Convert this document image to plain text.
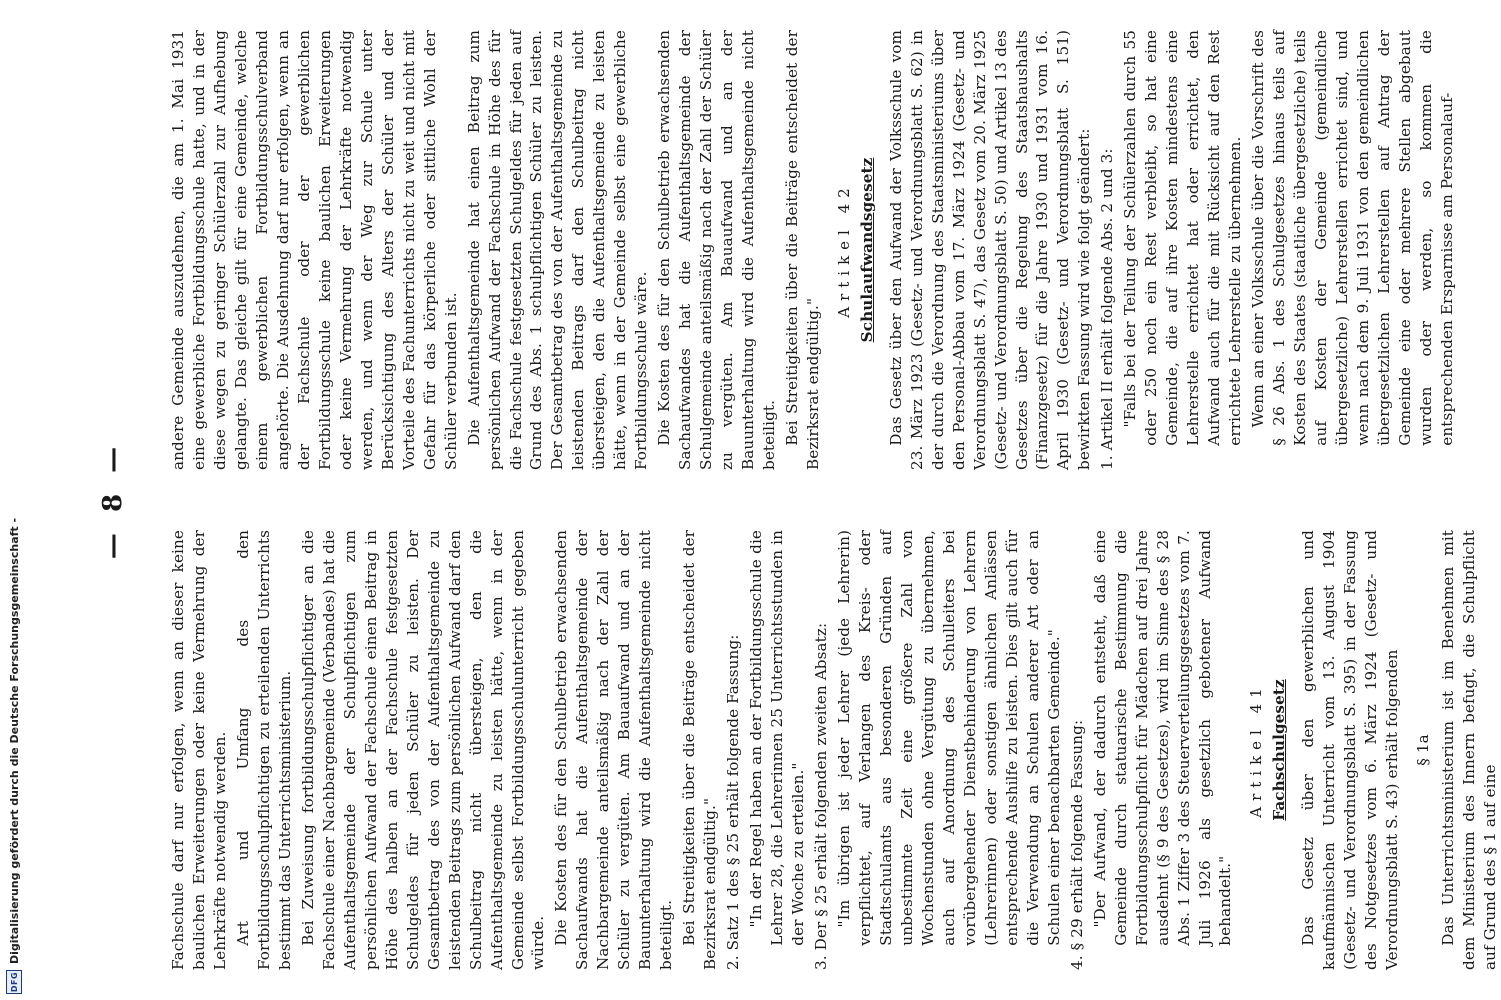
DFG
Digitalisierung gefördert durch die Deutsche Forschungsgemeinschaft -
— 8 —

Fachschule darf nur erfolgen, wenn an dieser keine baulichen Erweiterungen oder keine Vermehrung der Lehrkräfte notwendig werden. Art und Umfang des den Fortbildungsschulpflichtigen zu erteilenden Unterrichts bestimmt das Unterrichtsministerium. Bei Zuweisung fortbildungsschulpflichtiger an die Fachschule einer Nachbargemeinde (Verbandes) hat die Aufenthaltsgemeinde der Schulpflichtigen zum persönlichen Aufwand der Fachschule einen Beitrag in Höhe des halben an der Fachschule festgesetzten Schulgeldes für jeden Schüler zu leisten. Der Gesamtbetrag des von der Aufenthaltsgemeinde zu leistenden Beitrags zum persönlichen Aufwand darf den Schulbeitrag nicht übersteigen, den die Aufenthaltsgemeinde zu leisten hätte, wenn in der Gemeinde selbst Fortbildungsschulunterricht gegeben würde. Die Kosten des für den Schulbetrieb erwachsenden Sachaufwands hat die Aufenthaltsgemeinde der Nachbargemeinde anteilsmäßig nach der Zahl der Schüler zu vergüten. Am Bauaufwand und an der Bauunterhaltung wird die Aufenthaltsgemeinde nicht beteiligt. Bei Streitigkeiten über die Beiträge entscheidet der Bezirksrat endgültig." 2. Satz 1 des § 25 erhält folgende Fassung: "In der Regel haben an der Fortbildungsschule die Lehrer 28, die Lehrerinnen 25 Unterrichtsstunden in der Woche zu erteilen." 3. Der § 25 erhält folgenden zweiten Absatz: "Im übrigen ist jeder Lehrer (jede Lehrerin) verpflichtet, auf Verlangen des Kreis- oder Stadtschulamts aus besonderen Gründen auf unbestimmte Zeit eine größere Zahl von Wochenstunden ohne Vergütung zu übernehmen, auch auf Anordnung des Schulleiters bei vorübergehender Dienstbehinderung von Lehrern (Lehrerinnen) oder sonstigen ähnlichen Anlässen entsprechende Aushilfe zu leisten. Dies gilt auch für die Verwendung an Schulen anderer Art oder an Schulen einer benachbarten Gemeinde." 4. § 29 erhält folgende Fassung: "Der Aufwand, der dadurch entsteht, daß eine Gemeinde durch statuarische Bestimmung die Fortbildungsschulpflicht für Mädchen auf drei Jahre ausdehnt (§ 9 des Gesetzes), wird im Sinne des § 28 Abs. 1 Ziffer 3 des Steuerverteilungsgesetzes vom 7. Juli 1926 als gesetzlich gebotener Aufwand behandelt."

Artikel 41 Fachschulgesetz Das Gesetz über den gewerblichen und kaufmännischen Unterricht vom 13. August 1904 (Gesetz- und Verordnungsblatt S. 395) in der Fassung des Notgesetzes vom 6. März 1924 (Gesetz- und Verordnungsblatt S. 43) erhält folgenden § 1a Das Unterrichtsministerium ist im Benehmen mit dem Ministerium des Innern befugt, die Schulpflicht auf Grund des § 1 auf eine

andere Gemeinde auszudehnen, die am 1. Mai 1931 eine gewerbliche Fortbildungsschule hatte, und in der diese wegen zu geringer Schülerzahl zur Aufhebung gelangte. Das gleiche gilt für eine Gemeinde, welche einem gewerblichen Fortbildungsschulverband angehörte. Die Ausdehnung darf nur erfolgen, wenn an der Fachschule oder der gewerblichen Fortbildungsschule keine baulichen Erweiterungen oder keine Vermehrung der Lehrkräfte notwendig werden, und wenn der Weg zur Schule unter Berücksichtigung des Alters der Schüler und der Vorteile des Fachunterrichts nicht zu weit und nicht mit Gefahr für das körperliche oder sittliche Wohl der Schüler verbunden ist. Die Aufenthaltsgemeinde hat einen Beitrag zum persönlichen Aufwand der Fachschule in Höhe des für die Fachschule festgesetzten Schulgeldes für jeden auf Grund des Abs. 1 schulpflichtigen Schüler zu leisten. Der Gesamtbetrag des von der Aufenthaltsgemeinde zu leistenden Beitrags darf den Schulbeitrag nicht übersteigen, den die Aufenthaltsgemeinde zu leisten hätte, wenn in der Gemeinde selbst eine gewerbliche Fortbildungsschule wäre. Die Kosten des für den Schulbetrieb erwachsenden Sachaufwandes hat die Aufenthaltsgemeinde der Schulgemeinde anteilsmäßig nach der Zahl der Schüler zu vergüten. Am Bauaufwand und an der Bauunterhaltung wird die Aufenthaltsgemeinde nicht beteiligt. Bei Streitigkeiten über die Beiträge entscheidet der Bezirksrat endgültig."

Artikel 42 Schulaufwandsgesetz Das Gesetz über den Aufwand der Volksschule vom 23. März 1923 (Gesetz- und Verordnungsblatt S. 62) in der durch die Verordnung des Staatsministeriums über den Personal-Abbau vom 17. März 1924 (Gesetz- und Verordnungsblatt S. 47), das Gesetz vom 20. März 1925 (Gesetz- und Verordnungsblatt S. 50) und Artikel 13 des Gesetzes über die Regelung des Staatshaushalts (Finanzgesetz) für die Jahre 1930 und 1931 vom 16. April 1930 (Gesetz- und Verordnungsblatt S. 151) bewirkten Fassung wird wie folgt geändert: 1. Artikel II erhält folgende Abs. 2 und 3: "Falls bei der Teilung der Schülerzahlen durch 55 oder 250 noch ein Rest verbleibt, so hat eine Gemeinde, die auf ihre Kosten mindestens eine Lehrerstelle errichtet hat oder errichtet, den Aufwand auch für die mit Rücksicht auf den Rest errichtete Lehrerstelle zu übernehmen. Wenn an einer Volksschule über die Vorschrift des § 26 Abs. 1 des Schulgesetzes hinaus teils auf Kosten des Staates (staatliche übergesetzliche) teils auf Kosten der Gemeinde (gemeindliche übergesetzliche) Lehrerstellen errichtet sind, und wenn nach dem 9. Juli 1931 von den gemeindlichen übergesetzlichen Lehrerstellen auf Antrag der Gemeinde eine oder mehrere Stellen abgebaut wurden oder werden, so kommen die entsprechenden Ersparnisse am Personalauf-
